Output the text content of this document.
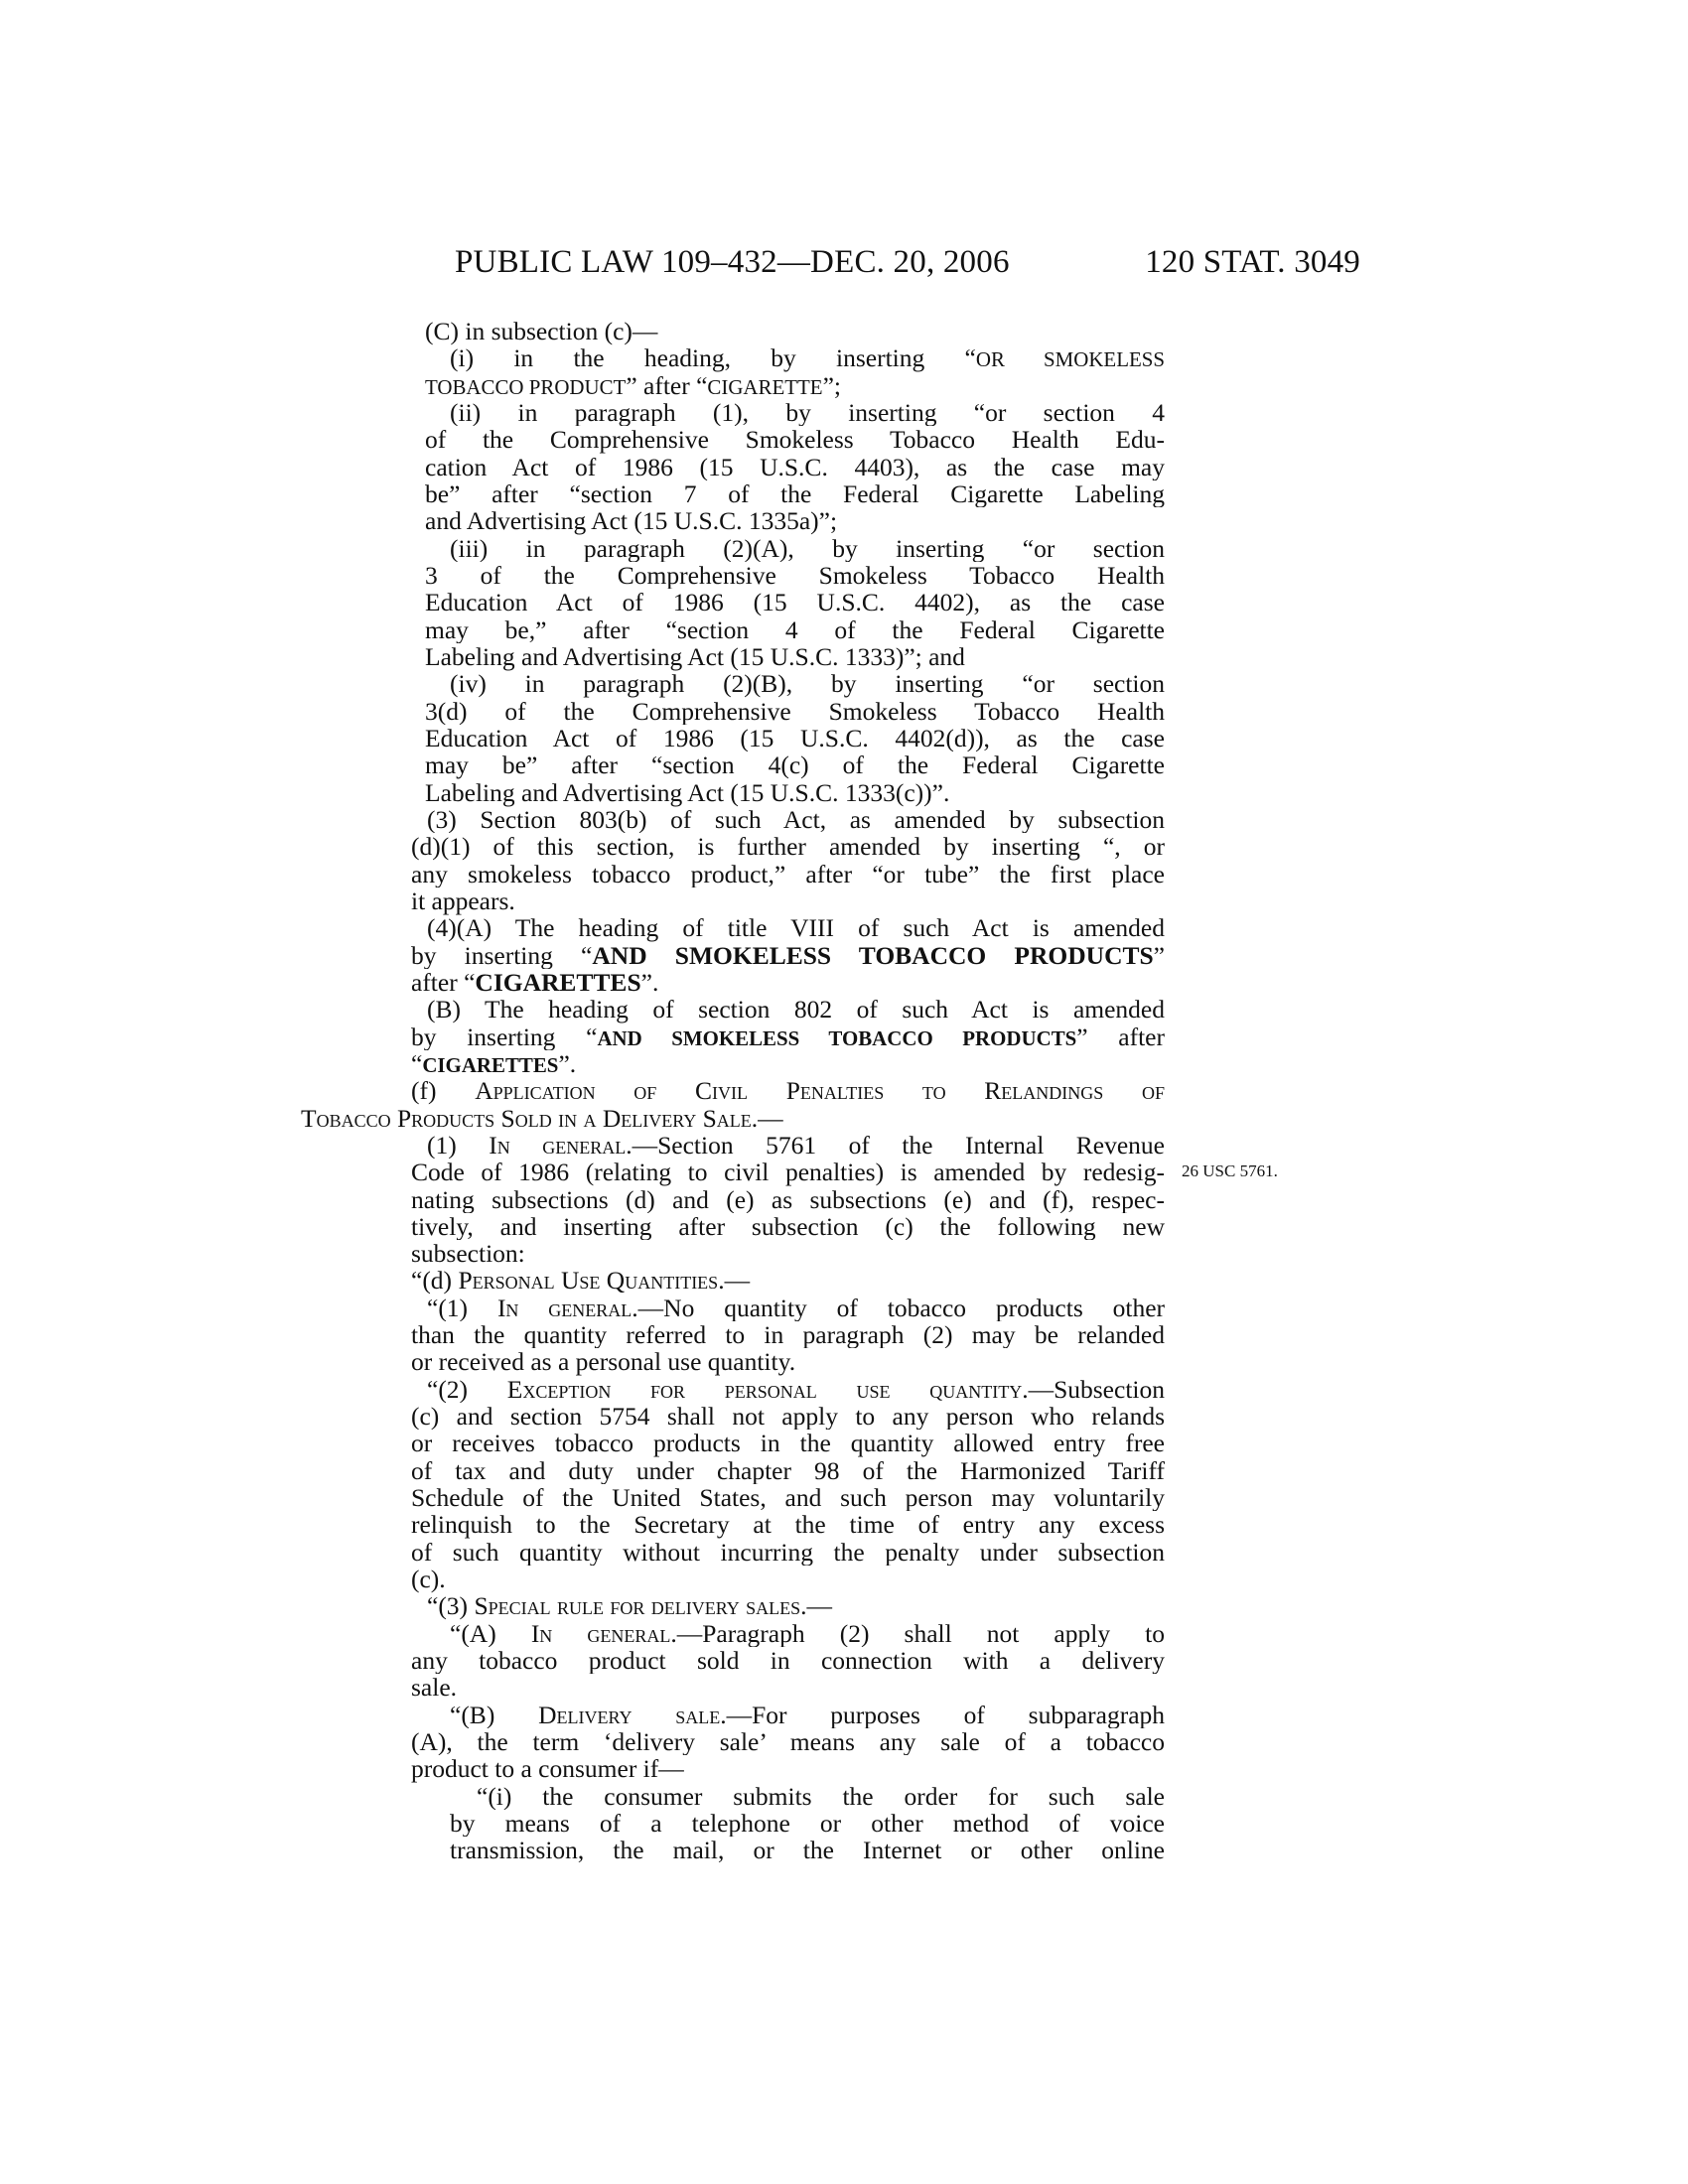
PUBLIC LAW 109–432—DEC. 20, 2006	120 STAT. 3049
(C) in subsection (c)—
(i) in the heading, by inserting “OR SMOKELESS
TOBACCO PRODUCT” after “CIGARETTE”;
(ii) in paragraph (1), by inserting “or section 4
of the Comprehensive Smokeless Tobacco Health Edu-
cation Act of 1986 (15 U.S.C. 4403), as the case may
be” after “section 7 of the Federal Cigarette Labeling
and Advertising Act (15 U.S.C. 1335a)”;
(iii) in paragraph (2)(A), by inserting “or section
3 of the Comprehensive Smokeless Tobacco Health
Education Act of 1986 (15 U.S.C. 4402), as the case
may be,” after “section 4 of the Federal Cigarette
Labeling and Advertising Act (15 U.S.C. 1333)”; and
(iv) in paragraph (2)(B), by inserting “or section
3(d) of the Comprehensive Smokeless Tobacco Health
Education Act of 1986 (15 U.S.C. 4402(d)), as the case
may be” after “section 4(c) of the Federal Cigarette
Labeling and Advertising Act (15 U.S.C. 1333(c))”.
(3) Section 803(b) of such Act, as amended by subsection
(d)(1) of this section, is further amended by inserting “, or
any smokeless tobacco product,” after “or tube” the first place
it appears.
(4)(A) The heading of title VIII of such Act is amended
by inserting “AND SMOKELESS TOBACCO PRODUCTS”
after “CIGARETTES”.
(B) The heading of section 802 of such Act is amended
by inserting “AND SMOKELESS TOBACCO PRODUCTS” after
“CIGARETTES”.
(f) Application of Civil Penalties to Relandings of
Tobacco Products Sold in a Delivery Sale.—
(1) In general.—Section 5761 of the Internal Revenue
Code of 1986 (relating to civil penalties) is amended by redesig-
nating subsections (d) and (e) as subsections (e) and (f), respec-
tively, and inserting after subsection (c) the following new
subsection:
“(d) Personal Use Quantities.—
“(1) In general.—No quantity of tobacco products other
than the quantity referred to in paragraph (2) may be relanded
or received as a personal use quantity.
“(2) Exception for personal use quantity.—Subsection
(c) and section 5754 shall not apply to any person who relands
or receives tobacco products in the quantity allowed entry free
of tax and duty under chapter 98 of the Harmonized Tariff
Schedule of the United States, and such person may voluntarily
relinquish to the Secretary at the time of entry any excess
of such quantity without incurring the penalty under subsection
(c).
“(3) Special rule for delivery sales.—
“(A) In general.—Paragraph (2) shall not apply to
any tobacco product sold in connection with a delivery
sale.
“(B) Delivery sale.—For purposes of subparagraph
(A), the term ‘delivery sale’ means any sale of a tobacco
product to a consumer if—
“(i) the consumer submits the order for such sale
by means of a telephone or other method of voice
transmission, the mail, or the Internet or other online
26 USC 5761.
